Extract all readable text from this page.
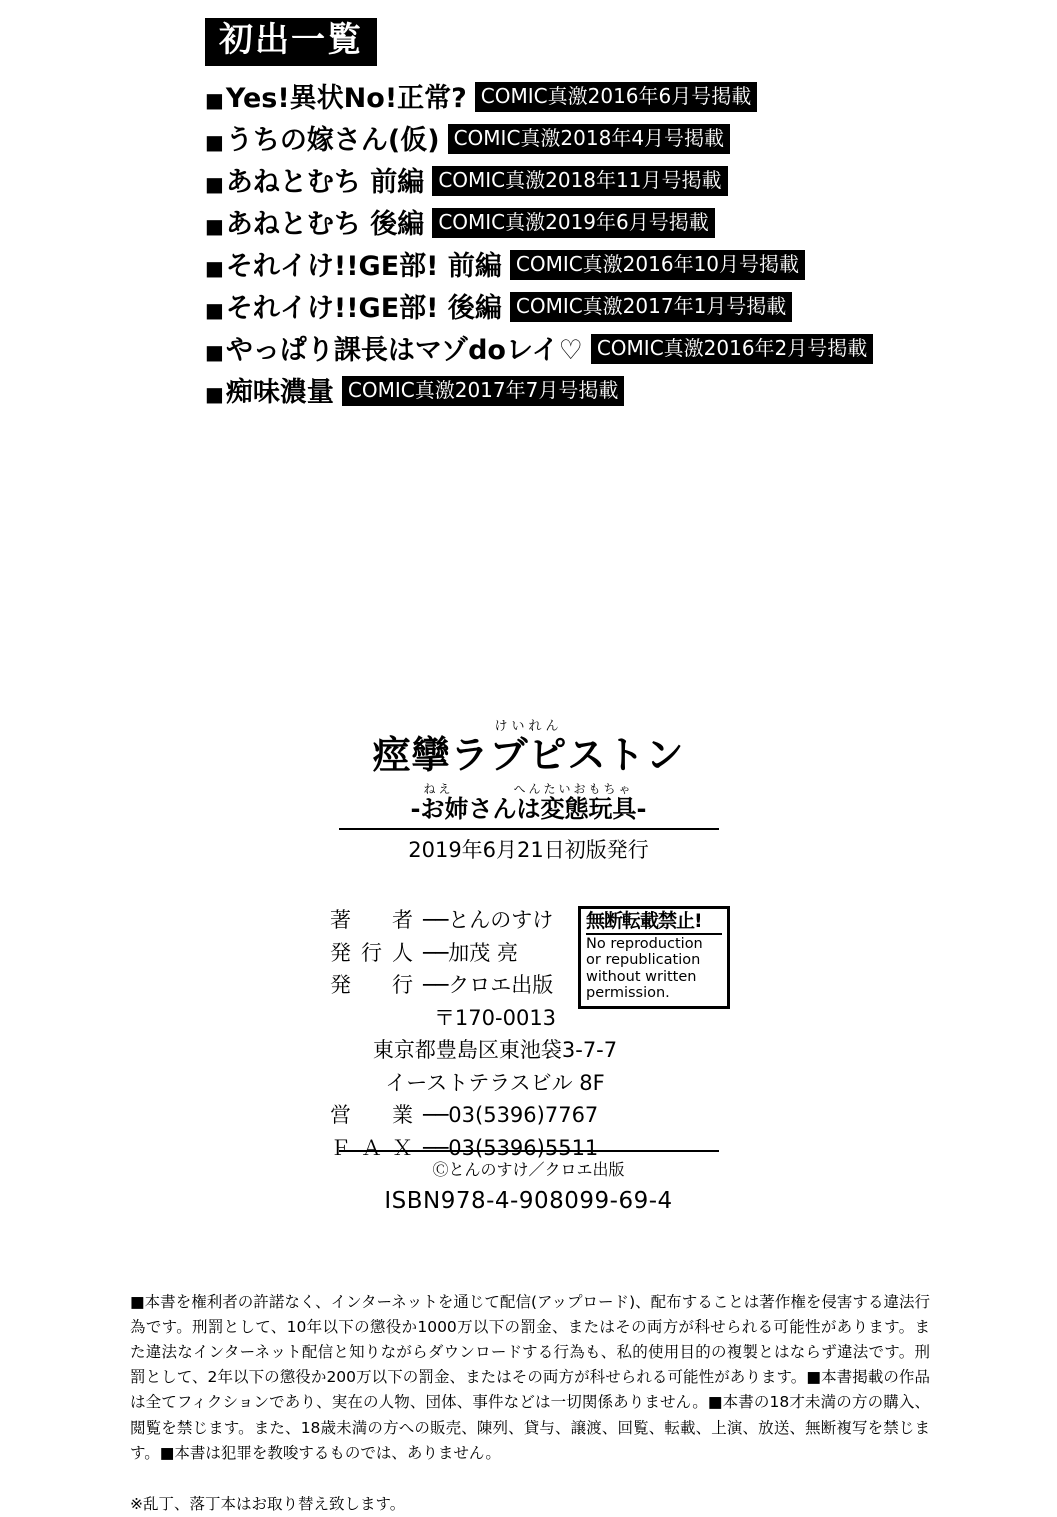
初出一覧
■ Yes!異状No!正常? COMIC真激2016年6月号掲載
■ うちの嫁さん(仮) COMIC真激2018年4月号掲載
■ あねとむち 前編 COMIC真激2018年11月号掲載
■ あねとむち 後編 COMIC真激2019年6月号掲載
■ それイけ!!GE部! 前編 COMIC真激2016年10月号掲載
■ それイけ!!GE部! 後編 COMIC真激2017年1月号掲載
■ やっぱり課長はマゾdoレイ♡ COMIC真激2016年2月号掲載
■ 痴味濃量 COMIC真激2017年7月号掲載
けいれん
痙攣ラブピストン
ねえ　　　　へんたいおもちゃ
-お姉さんは変態玩具-
2019年6月21日初版発行
著　者──とんのすけ
発行人──加茂 亮
発　行──クロエ出版
〒170-0013
東京都豊島区東池袋3-7-7
イーストテラスビル 8F
営　業──03(5396)7767
ＦＡＸ──03(5396)5511
無断転載禁止!
No reproduction or republication without written permission.
Ⓒとんのすけ／クロエ出版
ISBN978-4-908099-69-4

■本書を権利者の許諾なく、インターネットを通じて配信(アップロード)、配布することは著作権を侵害する違法行為です。刑罰として、10年以下の懲役か1000万以下の罰金、またはその両方が科せられる可能性があります。また違法なインターネット配信と知りながらダウンロードする行為も、私的使用目的の複製とはならず違法です。刑罰として、2年以下の懲役か200万以下の罰金、またはその両方が科せられる可能性があります。■本書掲載の作品は全てフィクションであり、実在の人物、団体、事件などは一切関係ありません。■本書の18才未満の方の購入、閲覧を禁じます。また、18歳未満の方への販売、陳列、貸与、譲渡、回覧、転載、上演、放送、無断複写を禁じます。■本書は犯罪を教唆するものでは、ありません。

※乱丁、落丁本はお取り替え致します。
